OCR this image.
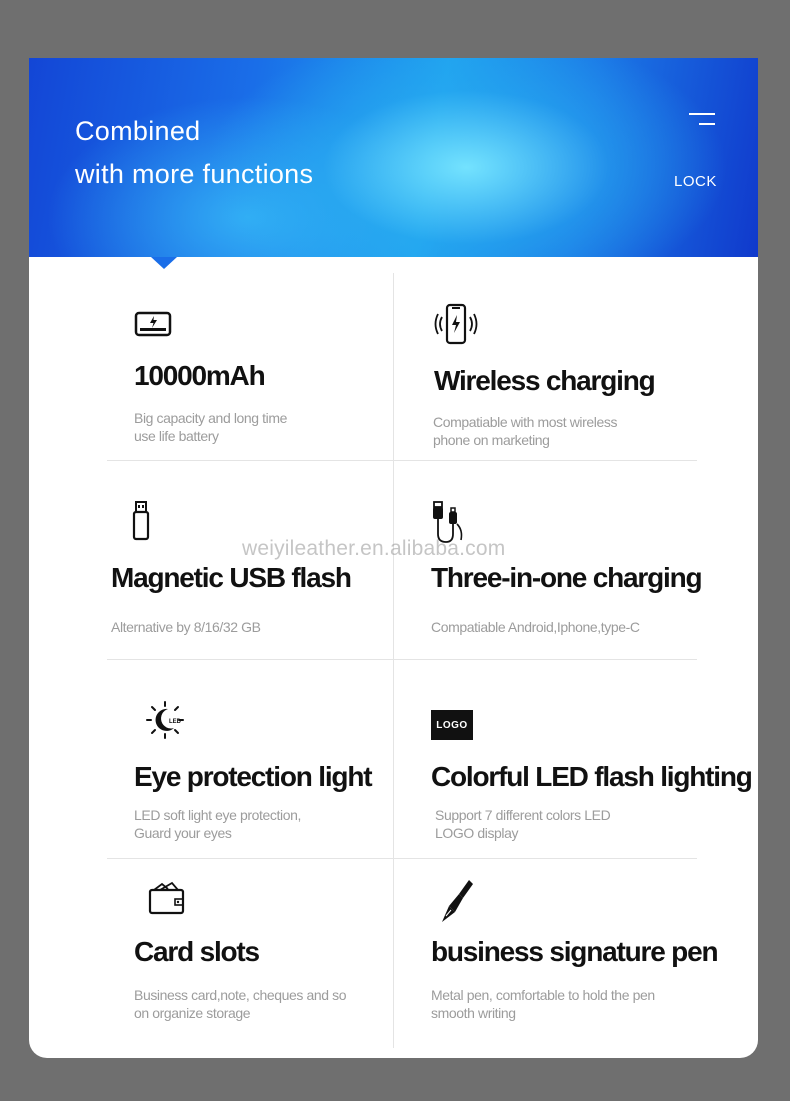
Combined
with more functions	LOCK
10000mAh
Big capacity and long time
use life battery
Wireless charging
Compatiable with most wireless
phone on marketing
Magnetic USB flash
Alternative by 8/16/32 GB
Three-in-one charging
Compatiable Android,Iphone,type-C
weiyileather.en.alibaba.com
LED
Eye protection light
LED soft light eye protection,
Guard your eyes
LOGO
Colorful LED flash lighting
Support 7 different colors LED
LOGO display
Card slots
Business card,note, cheques and so
on organize storage
business signature pen
Metal pen, comfortable to hold the pen
smooth writing
